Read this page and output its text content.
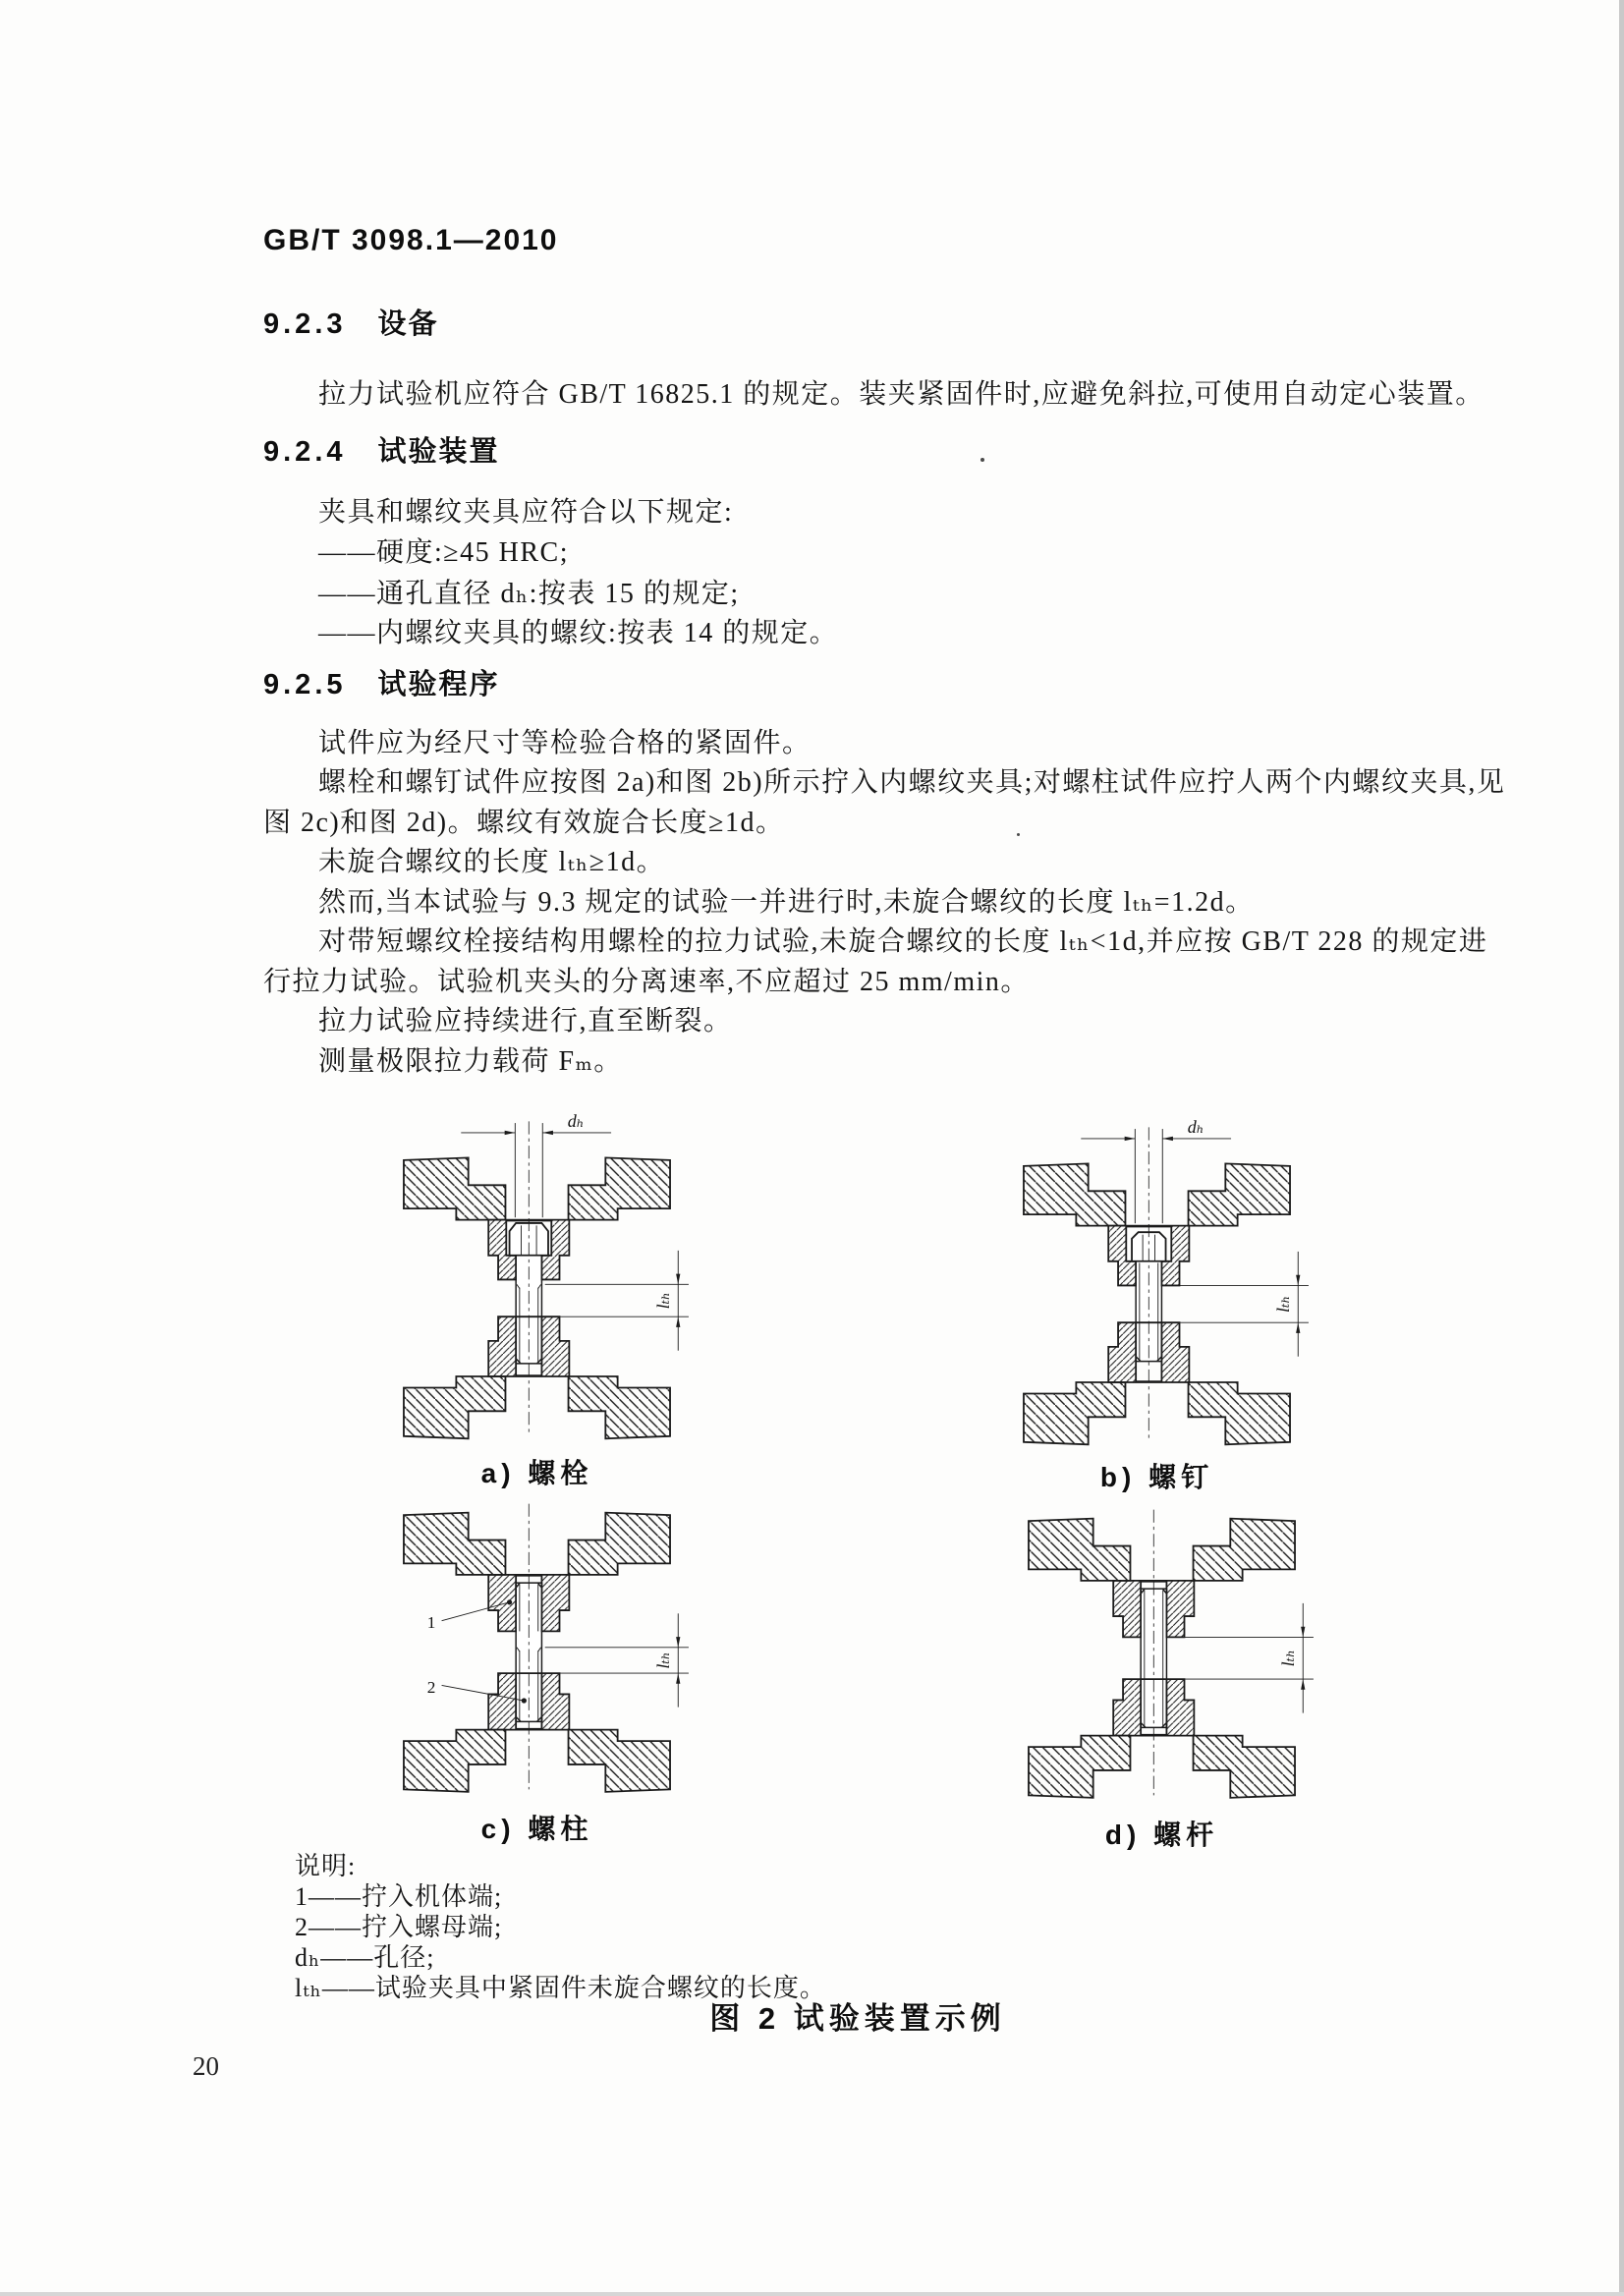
GB/T 3098.1—2010
9.2.3 设备
拉力试验机应符合 GB/T 16825.1 的规定。装夹紧固件时,应避免斜拉,可使用自动定心装置。
9.2.4 试验装置
夹具和螺纹夹具应符合以下规定:
——硬度:≥45 HRC;
——通孔直径 dₕ:按表 15 的规定;
——内螺纹夹具的螺纹:按表 14 的规定。
9.2.5 试验程序
试件应为经尺寸等检验合格的紧固件。
螺栓和螺钉试件应按图 2a)和图 2b)所示拧入内螺纹夹具;对螺柱试件应拧人两个内螺纹夹具,见
图 2c)和图 2d)。螺纹有效旋合长度≥1d。
未旋合螺纹的长度 lₜₕ≥1d。
然而,当本试验与 9.3 规定的试验一并进行时,未旋合螺纹的长度 lₜₕ=1.2d。
对带短螺纹栓接结构用螺栓的拉力试验,未旋合螺纹的长度 lₜₕ<1d,并应按 GB/T 228 的规定进
行拉力试验。试验机夹头的分离速率,不应超过 25 mm/min。
拉力试验应持续进行,直至断裂。
测量极限拉力载荷 Fₘ。
dₕ
lₜₕ
a) 螺栓
dₕ
lₜₕ
b) 螺钉
1
2
lₜₕ
c) 螺柱
lₜₕ
d) 螺杆
说明:
1——拧入机体端;
2——拧入螺母端;
dₕ——孔径;
lₜₕ——试验夹具中紧固件未旋合螺纹的长度。
图 2 试验装置示例
20
